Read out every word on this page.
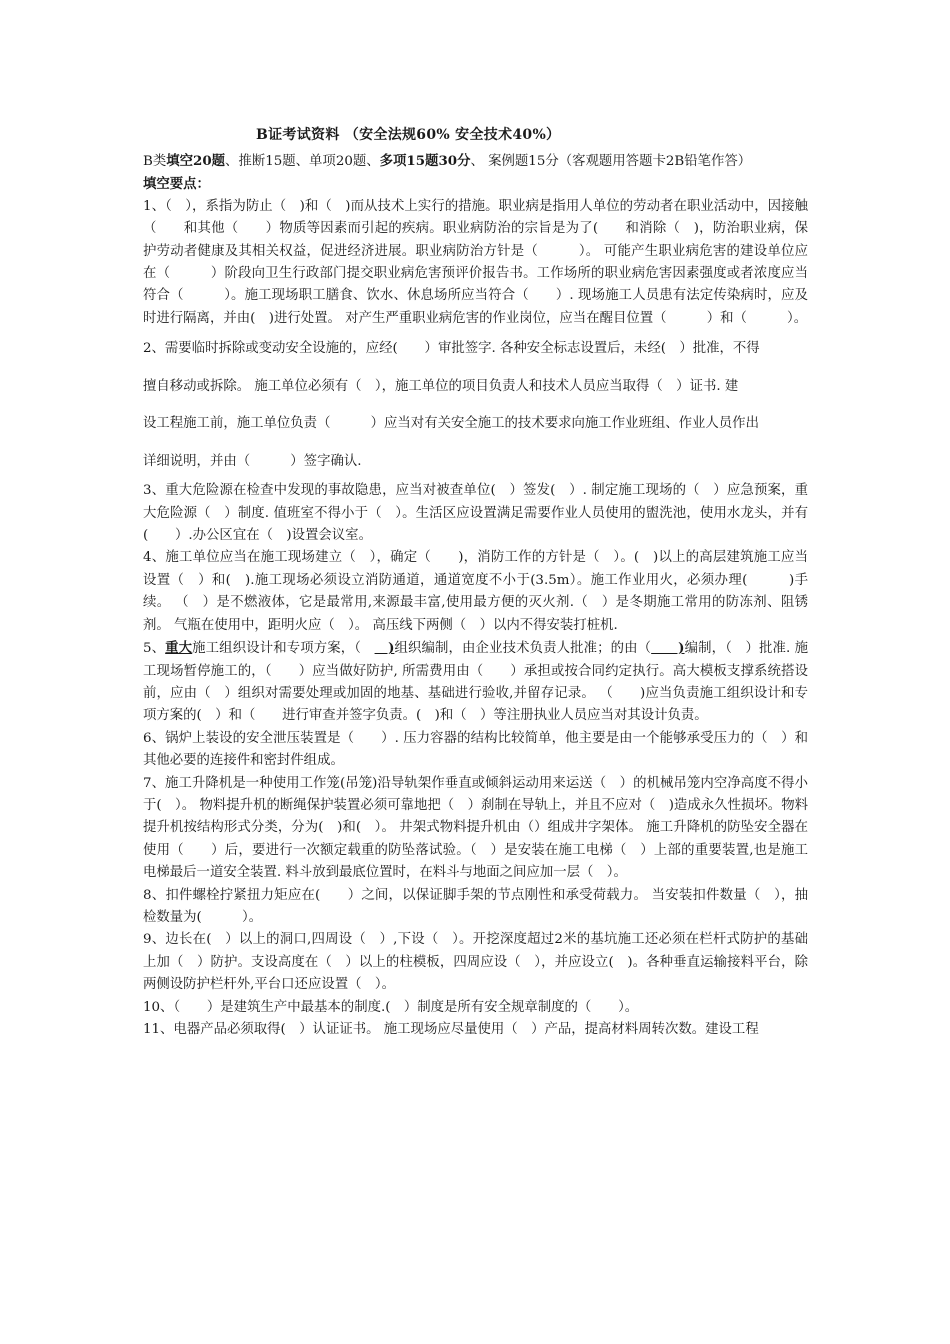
B证考试资料 （安全法规60% 安全技术40%）

B类填空20题、推断15题、单项20题、多项15题30分、 案例题15分（客观题用答题卡2B铅笔作答）

填空要点：

1、（　），系指为防止（　)和（　)而从技术上实行的措施。职业病是指用人单位的劳动者在职业活动中，因接触（　　和其他（　　）物质等因素而引起的疾病。职业病防治的宗旨是为了(　　和消除（　)，防治职业病，保护劳动者健康及其相关权益，促进经济进展。职业病防治方针是（　　　）。 可能产生职业病危害的建设单位应在（　　　）阶段向卫生行政部门提交职业病危害预评价报告书。工作场所的职业病危害因素强度或者浓度应当符合（　　　）。施工现场职工膳食、饮水、休息场所应当符合（　　）. 现场施工人员患有法定传染病时，应及时进行隔离，并由(　)进行处置。 对产生严重职业病危害的作业岗位，应当在醒目位置（　　　）和（　　　）。

2、需要临时拆除或变动安全设施的，应经(　　）审批签字. 各种安全标志设置后，未经(　）批准，不得

擅自移动或拆除。 施工单位必须有（　），施工单位的项目负责人和技术人员应当取得（　）证书. 建

设工程施工前，施工单位负责（　　　）应当对有关安全施工的技术要求向施工作业班组、作业人员作出

详细说明，并由（　　　）签字确认.

3、重大危险源在检查中发现的事故隐患，应当对被查单位(　）签发(　）. 制定施工现场的（　）应急预案，重大危险源（　）制度. 值班室不得小于（　）。生活区应设置满足需要作业人员使用的盥洗池，使用水龙头，并有(　　）.办公区宜在（　)设置会议室。

4、施工单位应当在施工现场建立（　），确定（　　)，消防工作的方针是（　）。(　)以上的高层建筑施工应当设置（　）和(　).施工现场必须设立消防通道，通道宽度不小于(3.5m）。施工作业用火，必须办理(　　　)手续。 （　）是不燃液体，它是最常用,来源最丰富,使用最方便的灭火剂.（　）是冬期施工常用的防冻剂、阻锈剂。 气瓶在使用中，距明火应（　）。 高压线下两侧（　）以内不得安装打桩机.

5、重大施工组织设计和专项方案，（　　)组织编制，由企业技术负责人批准；的由（　　)编制，（　）批准. 施工现场暂停施工的，（　　）应当做好防护, 所需费用由（　　）承担或按合同约定执行。高大模板支撑系统搭设前，应由（　）组织对需要处理或加固的地基、基础进行验收,并留存记录。 （　　)应当负责施工组织设计和专项方案的(　）和（　　进行审查并签字负责。(　)和（　）等注册执业人员应当对其设计负责。

6、锅炉上装设的安全泄压装置是（　　）. 压力容器的结构比较简单，他主要是由一个能够承受压力的（　）和其他必要的连接件和密封件组成。

7、施工升降机是一种使用工作笼(吊笼)沿导轨架作垂直或倾斜运动用来运送（　）的机械吊笼内空净高度不得小于(　）。 物料提升机的断绳保护装置必须可靠地把（　）刹制在导轨上，并且不应对（　)造成永久性损坏。物料提升机按结构形式分类，分为(　)和(　）。 井架式物料提升机由（）组成井字架体。 施工升降机的防坠安全器在使用（　　）后，要进行一次额定载重的防坠落试验。（　）是安装在施工电梯（　）上部的重要装置,也是施工电梯最后一道安全装置. 料斗放到最底位置时，在料斗与地面之间应加一层（　）。

8、扣件螺栓拧紧扭力矩应在(　　）之间，以保证脚手架的节点刚性和承受荷载力。 当安装扣件数量（　），抽检数量为(　　　）。

9、边长在(　）以上的洞口,四周设（　）,下设（　）。开挖深度超过2米的基坑施工还必须在栏杆式防护的基础上加（　）防护。支设高度在（　）以上的柱模板，四周应设（　），并应设立(　)。各种垂直运输接料平台，除两侧设防护栏杆外,平台口还应设置（　）。

10、（　　）是建筑生产中最基本的制度.(　）制度是所有安全规章制度的（　　）。

11、电器产品必须取得(　）认证证书。 施工现场应尽量使用（　）产品，提高材料周转次数。建设工程
